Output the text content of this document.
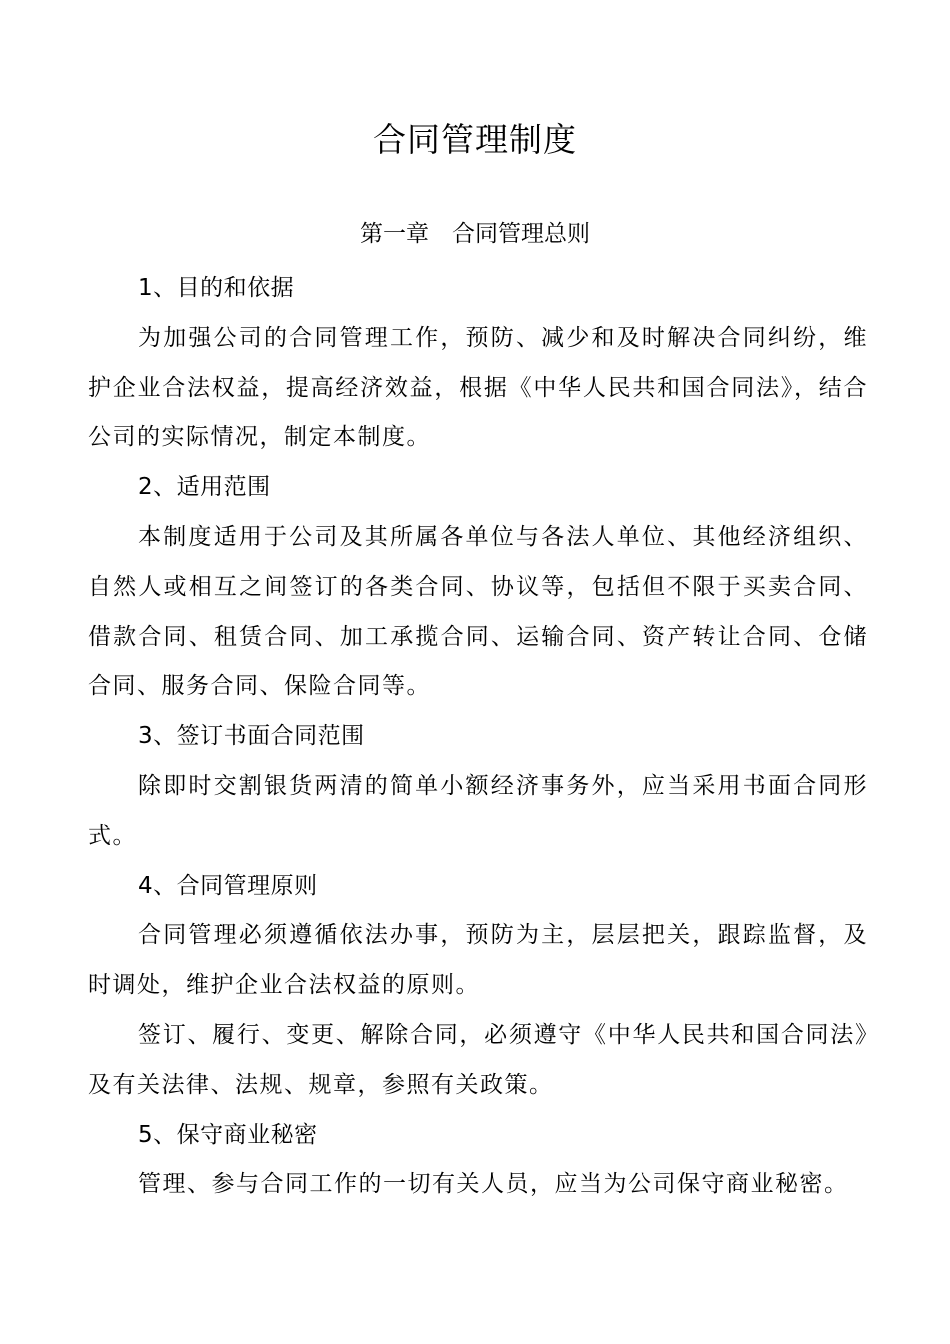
合同管理制度
第一章　合同管理总则

1、目的和依据

为加强公司的合同管理工作，预防、减少和及时解决合同纠纷，维护企业合法权益，提高经济效益，根据《中华人民共和国合同法》，结合公司的实际情况，制定本制度。

2、适用范围

本制度适用于公司及其所属各单位与各法人单位、其他经济组织、自然人或相互之间签订的各类合同、协议等，包括但不限于买卖合同、借款合同、租赁合同、加工承揽合同、运输合同、资产转让合同、仓储合同、服务合同、保险合同等。

3、签订书面合同范围

除即时交割银货两清的简单小额经济事务外，应当采用书面合同形式。

4、合同管理原则

合同管理必须遵循依法办事，预防为主，层层把关，跟踪监督，及时调处，维护企业合法权益的原则。

签订、履行、变更、解除合同，必须遵守《中华人民共和国合同法》及有关法律、法规、规章，参照有关政策。

5、保守商业秘密

管理、参与合同工作的一切有关人员，应当为公司保守商业秘密。
